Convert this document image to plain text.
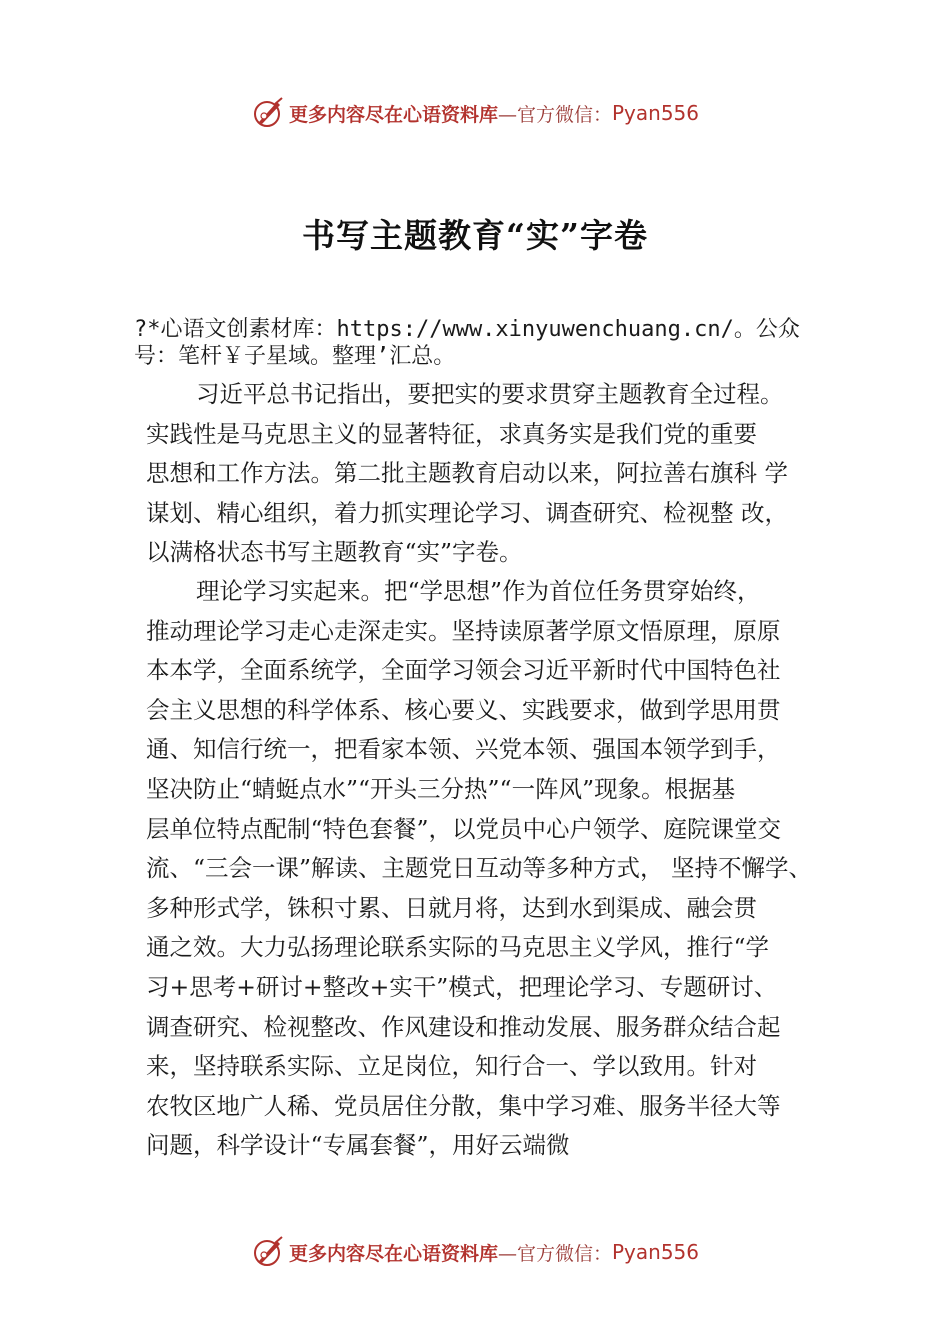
更多内容尽在心语资料库 —官方微信： Pyan556
书写主题教育“实”字卷
?*心语文创素材库：https://www.xinyuwenchuang.cn/。公众
号：笔杆￥子星域。整理’汇总。
习近平总书记指出，要把实的要求贯穿主题教育全过程。
实践性是马克思主义的显著特征，求真务实是我们党的重要
思想和工作方法。第二批主题教育启动以来，阿拉善右旗科 学
谋划、精心组织，着力抓实理论学习、调查研究、检视整 改，
以满格状态书写主题教育“实”字卷。
理论学习实起来。把“学思想”作为首位任务贯穿始终，
推动理论学习走心走深走实。坚持读原著学原文悟原理，原原
本本学，全面系统学，全面学习领会习近平新时代中国特色社
会主义思想的科学体系、核心要义、实践要求，做到学思用贯
通、知信行统一，把看家本领、兴党本领、强国本领学到手，
坚决防止“蜻蜓点水”“开头三分热”“一阵风”现象。根据基
层单位特点配制“特色套餐”，以党员中心户领学、庭院课堂交
流、“三会一课”解读、主题党日互动等多种方式， 坚持不懈学、
多种形式学，铢积寸累、日就月将，达到水到渠成、融会贯
通之效。大力弘扬理论联系实际的马克思主义学风，推行“学
习+思考+研讨+整改+实干”模式，把理论学习、专题研讨、
调查研究、检视整改、作风建设和推动发展、服务群众结合起
来，坚持联系实际、立足岗位，知行合一、学以致用。针对
农牧区地广人稀、党员居住分散，集中学习难、服务半径大等
问题，科学设计“专属套餐”，用好云端微
更多内容尽在心语资料库 —官方微信： Pyan556
